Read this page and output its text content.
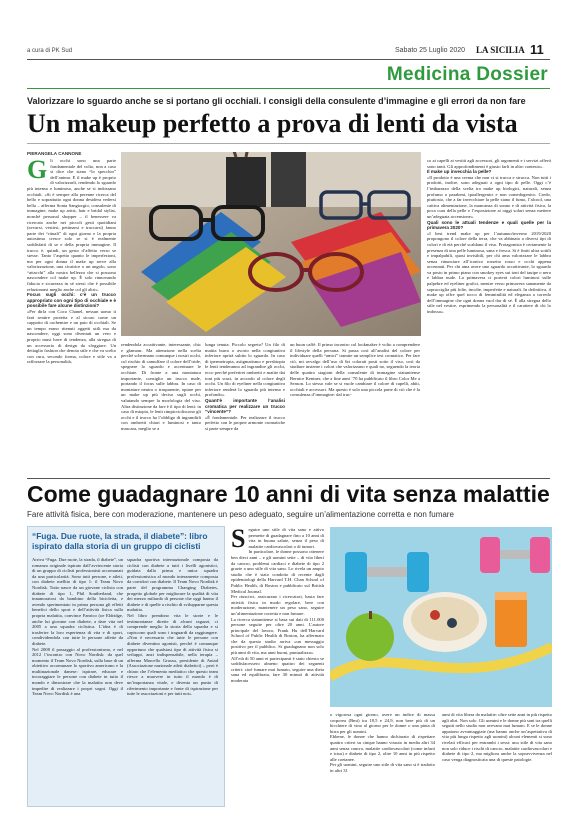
a cura di PK Sud	Sabato 25 Luglio 2020 LA SICILIA 11
Medicina Dossier
Valorizzare lo sguardo anche se si portano gli occhiali. I consigli della consulente d’immagine e gli errori da non fare
Un makeup perfetto a prova di lenti da vista
PIERANGELA CANNONE
G li occhi sono una parte fondamentale del volto, non a caso si dice che siano “lo specchio” dell’anima. E il make up è proprio di valorizzarli, rendendo lo sguardo più intenso e luminoso, anche se si indossano occhiali. «Si è sempre alla perenne ricerca del bello e soprattutto ogni donna desidera vedersi bella – afferma Sonia Sangiorgio, consulente di immagine, make up artist, hair e bridal stylist, nonché personal shopper – il benessere va ricercato anche nei piccoli gesti quotidiani (avvarsi, vestirsi, pettinarsi e truccarsi) fanno parte dei “rituali” di ogni giorno e la propria autostima cresce solo se si è realmente soddisfatti di se e della propria immagine. Il trucco è, quindi, un gesto d’affetto verso se stesse. Tanto l’aspetto quanto le imperfezioni, ma per ogni donna il make up serve alla valorizzazione, una cicatrice o un angolo, sono “attacchi” alla nostra bellezza che si possono nascondere col make up. È solo rinnovando fiducia e sicurezza in sé stessi che è possibile relazionarsi meglio anche col gli altri».

Focus sugli occhi: c’è un trucco appropriato con ogni tipo di occhiale e è possibile fare alcune distinzioni?

«Per dirla con Coco Chanel, nessun uomo ti farà sentire protetta e al sicuro come un cappotto di cachemire e un paio di occhiali. Se un tempo erano ritenuti oggetti utili ma da nascondere, oggi sono diventati un vero e proprio must have di tendenza, alla stregua di un accessorio di design da sfoggiare. Un dettaglio fashion che denota stile e che va scelto con cura, secondo forma, colore e stile va a rafforzare la personalità,

rendendola accattivante, interessante, chic e glamour. Ma attenzione nella scelta perché schermano comunque i nostri occhi, col rischio di camuffare il colore dell’iride, spegnere lo sguardo e accentuare le occhiaie. Di fronte a una montatura importante, consiglio un trucco nude, portando il focus sulle labbra. In caso di montature neutra o trasparente, optare per un make up più deciso sugli occhi, valutando sempre la morfologia del viso. Altra distinzione da fare è il tipo di lenti: in caso di miopia, le lenti rimpiccioliscono gli occhi e il trucco ha l’obbligo di ingrandirli con ombretti chiari e luminosi e tanto mascara, meglio se a

lunga tenuta. Piccolo segreto? Un filo di matita burro o avorio nella congiuntiva inferiore aprirà subito lo sguardo. In caso di ipermetropia, astigmatismo e presbiopia le lenti tenderanno ad ingrandire gli occhi, ecco perché preferirei ombretti e matite dai toni più scuri, in accordo al colore degli occhi. Un filo di eyeliner nella congiuntiva inferiore renderà lo sguardo più intenso e profondo».

Quant’è importante l’analisi cromatica per realizzare un trucco “vincente”?

«È fondamentale. Per realizzare il trucco perfetto con le proprie armonie cromatiche si parte sempre da

un buon caffè. Il primo incontro col lookmaker è volto a comprendere il lifestyle della persona. Si passa così all’analisi del colore per individuare quelli “amici” tramite un semplice test cromatico. Per fare ciò, mi avvalgo dell’uso di 6ri colorati posti sotto il viso, così da studiare insieme i colori che valorizzano e quali no, seguendo la teoria delle quattro stagioni della consulente di immagine statunitense Bernice Kentner, che a fine anni ’70 ha pubblicato il libro Color Me a Season. Lo stesso vale se si vuole cambiare il colore di capelli, abiti, occhiali e accessori. Ma questo è solo una piccola parte di ciò che è la consulenza d’immagine: dal truc-

co ai capelli ai vestiti agli accessori, gli argomenti e i servizi offerti sono tanti. Gli approfondimenti è giusto farli in altro contesto».

Il make up invecchia la pelle?

«Il prodotto è una crema che non ci si trucca e strucca. Non tutti i prodotti, inoltre, sono adeguati a ogni tipo di pelle. Oggi c’è l’imbarazzo della scelta tra make up biologici, naturali, senza profumo o parabeni, ipoallergenici e non comedogenico. Credo, piuttosto, che a far invecchiare la pelle siano il fumo, l’alcool, una cattiva alimentazione, la mancanza di sonno e di attività fisica, la poca cura della pelle e l’esposizione ai raggi solari senza mettere un’adeguata accensione».

Quali sono le attuali tendenze e quali quelle per la primavera 2020?

«I best trend make up per l’autunno/inverno 2019/2020 propongono il colore della terra, che va abbinato a diversi tipi di colori e di età perché scaldano il viso. Protagonista è certamente la presenza di una pelle luminosa, sana e fresca. Si è finiti ultra sottili e impalpabili, quasi invisibili, per chi ama valorizzare le labbra senza rinunciare all’iconico rossetto rosso e occhi appena accennati. Per chi ama avere uno sguardo accattivante, lo sguardo va posto in primo piano con smokey eyes sui toni del tauipe o nero e labbra nude. La primavera ci porterà colori luminosi sulle palpebre ed eyeliner grafici, mentre verso primavera sanamente da sopracciglia più folte, incolte, imperfette e naturali. In definitiva, il make up offre quel tocco di femminilità ed eleganza a corredo dell’immagine che ogni donna vuol dar di sé. È alla stregua dello stile nel vestire, esprimendo la personalità e il carattere di chi lo indossa».

Come guadagnare 10 anni di vita senza malattie
Fare attività fisica, bere con moderazione, mantenere un peso adeguato, seguire un’alimentazione corretta e non fumare
“Fuga. Due ruote, la strada, il diabete”: libro ispirato dalla storia di un gruppo di ciclisti

Arriva “Fuga. Due ruote, la strada, il diabete”, un romanzo originale ispirato dall’avvincente storia di un gruppo di ciclisti professionisti accomunati da una particolarità. Sono tutti persone, e atleti, con diabete mellito di tipo 1: il Team Novo Nordisk. Tutto nasce da un giovane ciclista con diabete di tipo 1, Phil Southerland, che innamoratosi da bambino della bicicletta, e avendo sperimentato in prima persona gli effetti benefici dello sport e dell’attività fisica sulla propria malattia, convince Fanrico (oe Eldridge, anche lui giovane con diabete, a dare vita nel 2005 a una squadra ciclistica. L’idea è di trasferire la loro esperienza di vita e di sport, condividendola con tutte le persone affette da diabete.

Nel 2008 il passaggio al professionismo, e nel 2012 l’incontro con Novo Nordisk: da quel momento il Team Novo Nordisk, sulla base di un obiettivo accomunare lo sportivo americano e la multinazionale danese: ispirare, educare e incoraggiare le persone con diabete in tutto il mondo e dimostrare che la malattia non deve impedire di realizzare i propri sogni. Oggi il Team Novo Nordisk è una

squadra sportiva internazionale composta da ciclisti con diabete a tutti i livelli agonistici, guidata dalla prima e unica squadra professionistica al mondo interamente composta da corridori con diabete. Il Team Novo Nordisk è parte del programma Changing Diabetes, progetto globale per migliorare la qualità di vita dei mezzo miliardo di persone che oggi hanno il diabete e di quelle a rischio di svilupparne questa malattia.

Nel libro prendono vita le storie e le testimonianze dirette di alcuni ragazzi, ci comprende meglio la storia della squadra e si capiscono quali sono i traguardi da raggiungere. «Non è necessario che tutte le persone con diabete diventino agonisti, perché è comunque opportuno che qualsiasi tipo di attività fisica si sviluppi, anzi indispensabile, nella terapia – afferma Marcello Grussu, presidente di Aniad (Associazione nazionale atleti diabetici) – però è chiaro che l’elemento mediatico che questo team riesce a muovere in tutto il mondo è di un’importanza vitale, e diventa un punto di riferimento importante e fonte di ispirazione per tutte le associazioni e per tutti noi».

S eguire uno stile di vita sano e attivo permette di guadagnare fino a 10 anni di vita in buona salute, senza il peso di malattie cardiovascolari o di tumori.

In particolare, le donne possono ottenere ben dieci anni – e gli uomini sette – di vita liberi da cancro, problemi cardiaci e diabete di tipo 2 grazie a uno stile di vita sano. Lo rivela un ampio studio che è stato condotto di recente dagli epidemiologi della Harvard T.H. Chan School of Public Health, di Boston e pubblicato sul British Medical Journal.

Per riuscirci, assicurano i ricercatori, basta fare attività fisica in modo regolare, bere con moderazione, mantenere un peso sano, seguire un’alimentazione corretta e non fumare.

La ricerca statunitense si basa sui dati di 111.000 persone seguite per oltre 20 anni. L’autore principale del lavoro, Frank Hu dell’Harvard School of Public Health di Boston, ha affermato che da questo studio arriva «un messaggio positivo per il pubblico. Si guadagnano non solo più anni di vita, ma anni buoni, puntualizza».

All’età di 50 anni ei partecipanti è stato chiesto se soddisfacessero almeno quattro dei seguenti criteri: cioè fumare mai fumato, seguire una dieta sana ed equilibrata, fare 30 minuti di attività moderata

o vigorosa ogni giorno, avere un indice di massa corporea (Bmi) tra 18,5 e 24,9, non bere più di un bicchiere di vino al giorno per le donne o una pinta di birra per gli uomini.

Ebbene, le donne che hanno dichiarato di rispettare quattro criteri su cinque hanno vissuto in media altri 34 anni senza cancro, malattie cardiovascolari (come infarti e ictus) e diabete di tipo 2, oltre 10 anni in più rispetto alle coetanee.

Per gli uomini, seguire uno stile di vita sano si è tradotto in altri 31

anni di vita libera da malattie: oltre sette anni in più rispetto agli altri. Non solo. Gli uomini e le donne più sani tra quelli seguiti nello studio non avevano mai fumato. E se le donne appaiono avvantaggiate (ma hanno anche un’aspettativa di vita più lunga rispetto agli uomini) alcuni elementi si sono rivelati efficaci per entrambi i sessi: uno stile di vita sano non solo riduce i rischi di cancro, malattie cardiovascolari e diabete di tipo 2, ma migliora anche la sopravvivenza nel caso venga diagnosticata una di queste patologie.
